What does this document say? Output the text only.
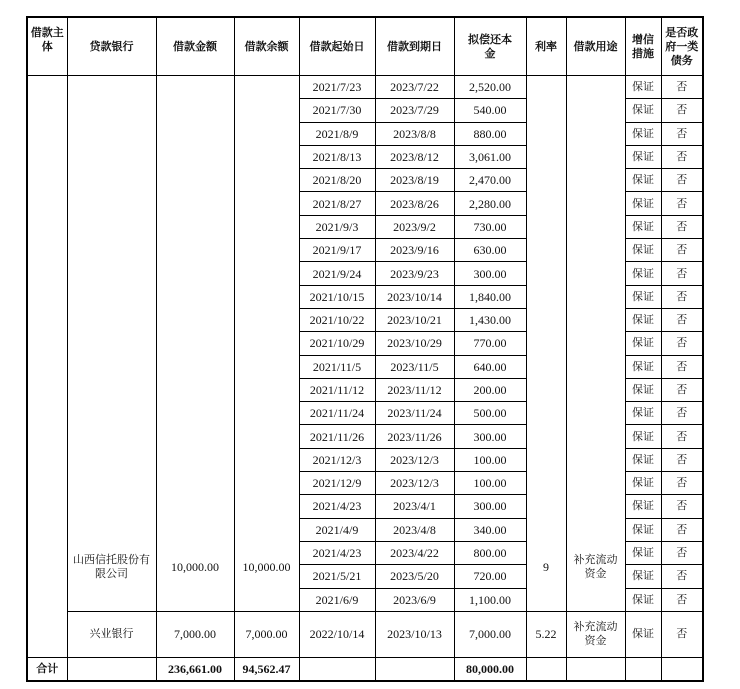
借款主体	贷款银行	借款金额	借款余额	借款起始日	借款到期日	拟偿还本金	利率	借款用途	增信措施	是否政府一类债务
	山西信托股份有限公司	10,000.00	10,000.00	2021/7/23	2023/7/22	2,520.00	9	补充流动资金	保证	否
				2021/7/30	2023/7/29	540.00			保证	否
				2021/8/9	2023/8/8	880.00			保证	否
				2021/8/13	2023/8/12	3,061.00			保证	否
				2021/8/20	2023/8/19	2,470.00			保证	否
				2021/8/27	2023/8/26	2,280.00			保证	否
				2021/9/3	2023/9/2	730.00			保证	否
				2021/9/17	2023/9/16	630.00			保证	否
				2021/9/24	2023/9/23	300.00			保证	否
				2021/10/15	2023/10/14	1,840.00			保证	否
				2021/10/22	2023/10/21	1,430.00			保证	否
				2021/10/29	2023/10/29	770.00			保证	否
				2021/11/5	2023/11/5	640.00			保证	否
				2021/11/12	2023/11/12	200.00			保证	否
				2021/11/24	2023/11/24	500.00			保证	否
				2021/11/26	2023/11/26	300.00			保证	否
				2021/12/3	2023/12/3	100.00			保证	否
				2021/12/9	2023/12/3	100.00			保证	否
				2021/4/23	2023/4/1	300.00			保证	否
				2021/4/9	2023/4/8	340.00			保证	否
				2021/4/23	2023/4/22	800.00			保证	否
				2021/5/21	2023/5/20	720.00			保证	否
				2021/6/9	2023/6/9	1,100.00			保证	否
	兴业银行	7,000.00	7,000.00	2022/10/14	2023/10/13	7,000.00	5.22	补充流动资金	保证	否
合计		236,661.00	94,562.47			80,000.00				
